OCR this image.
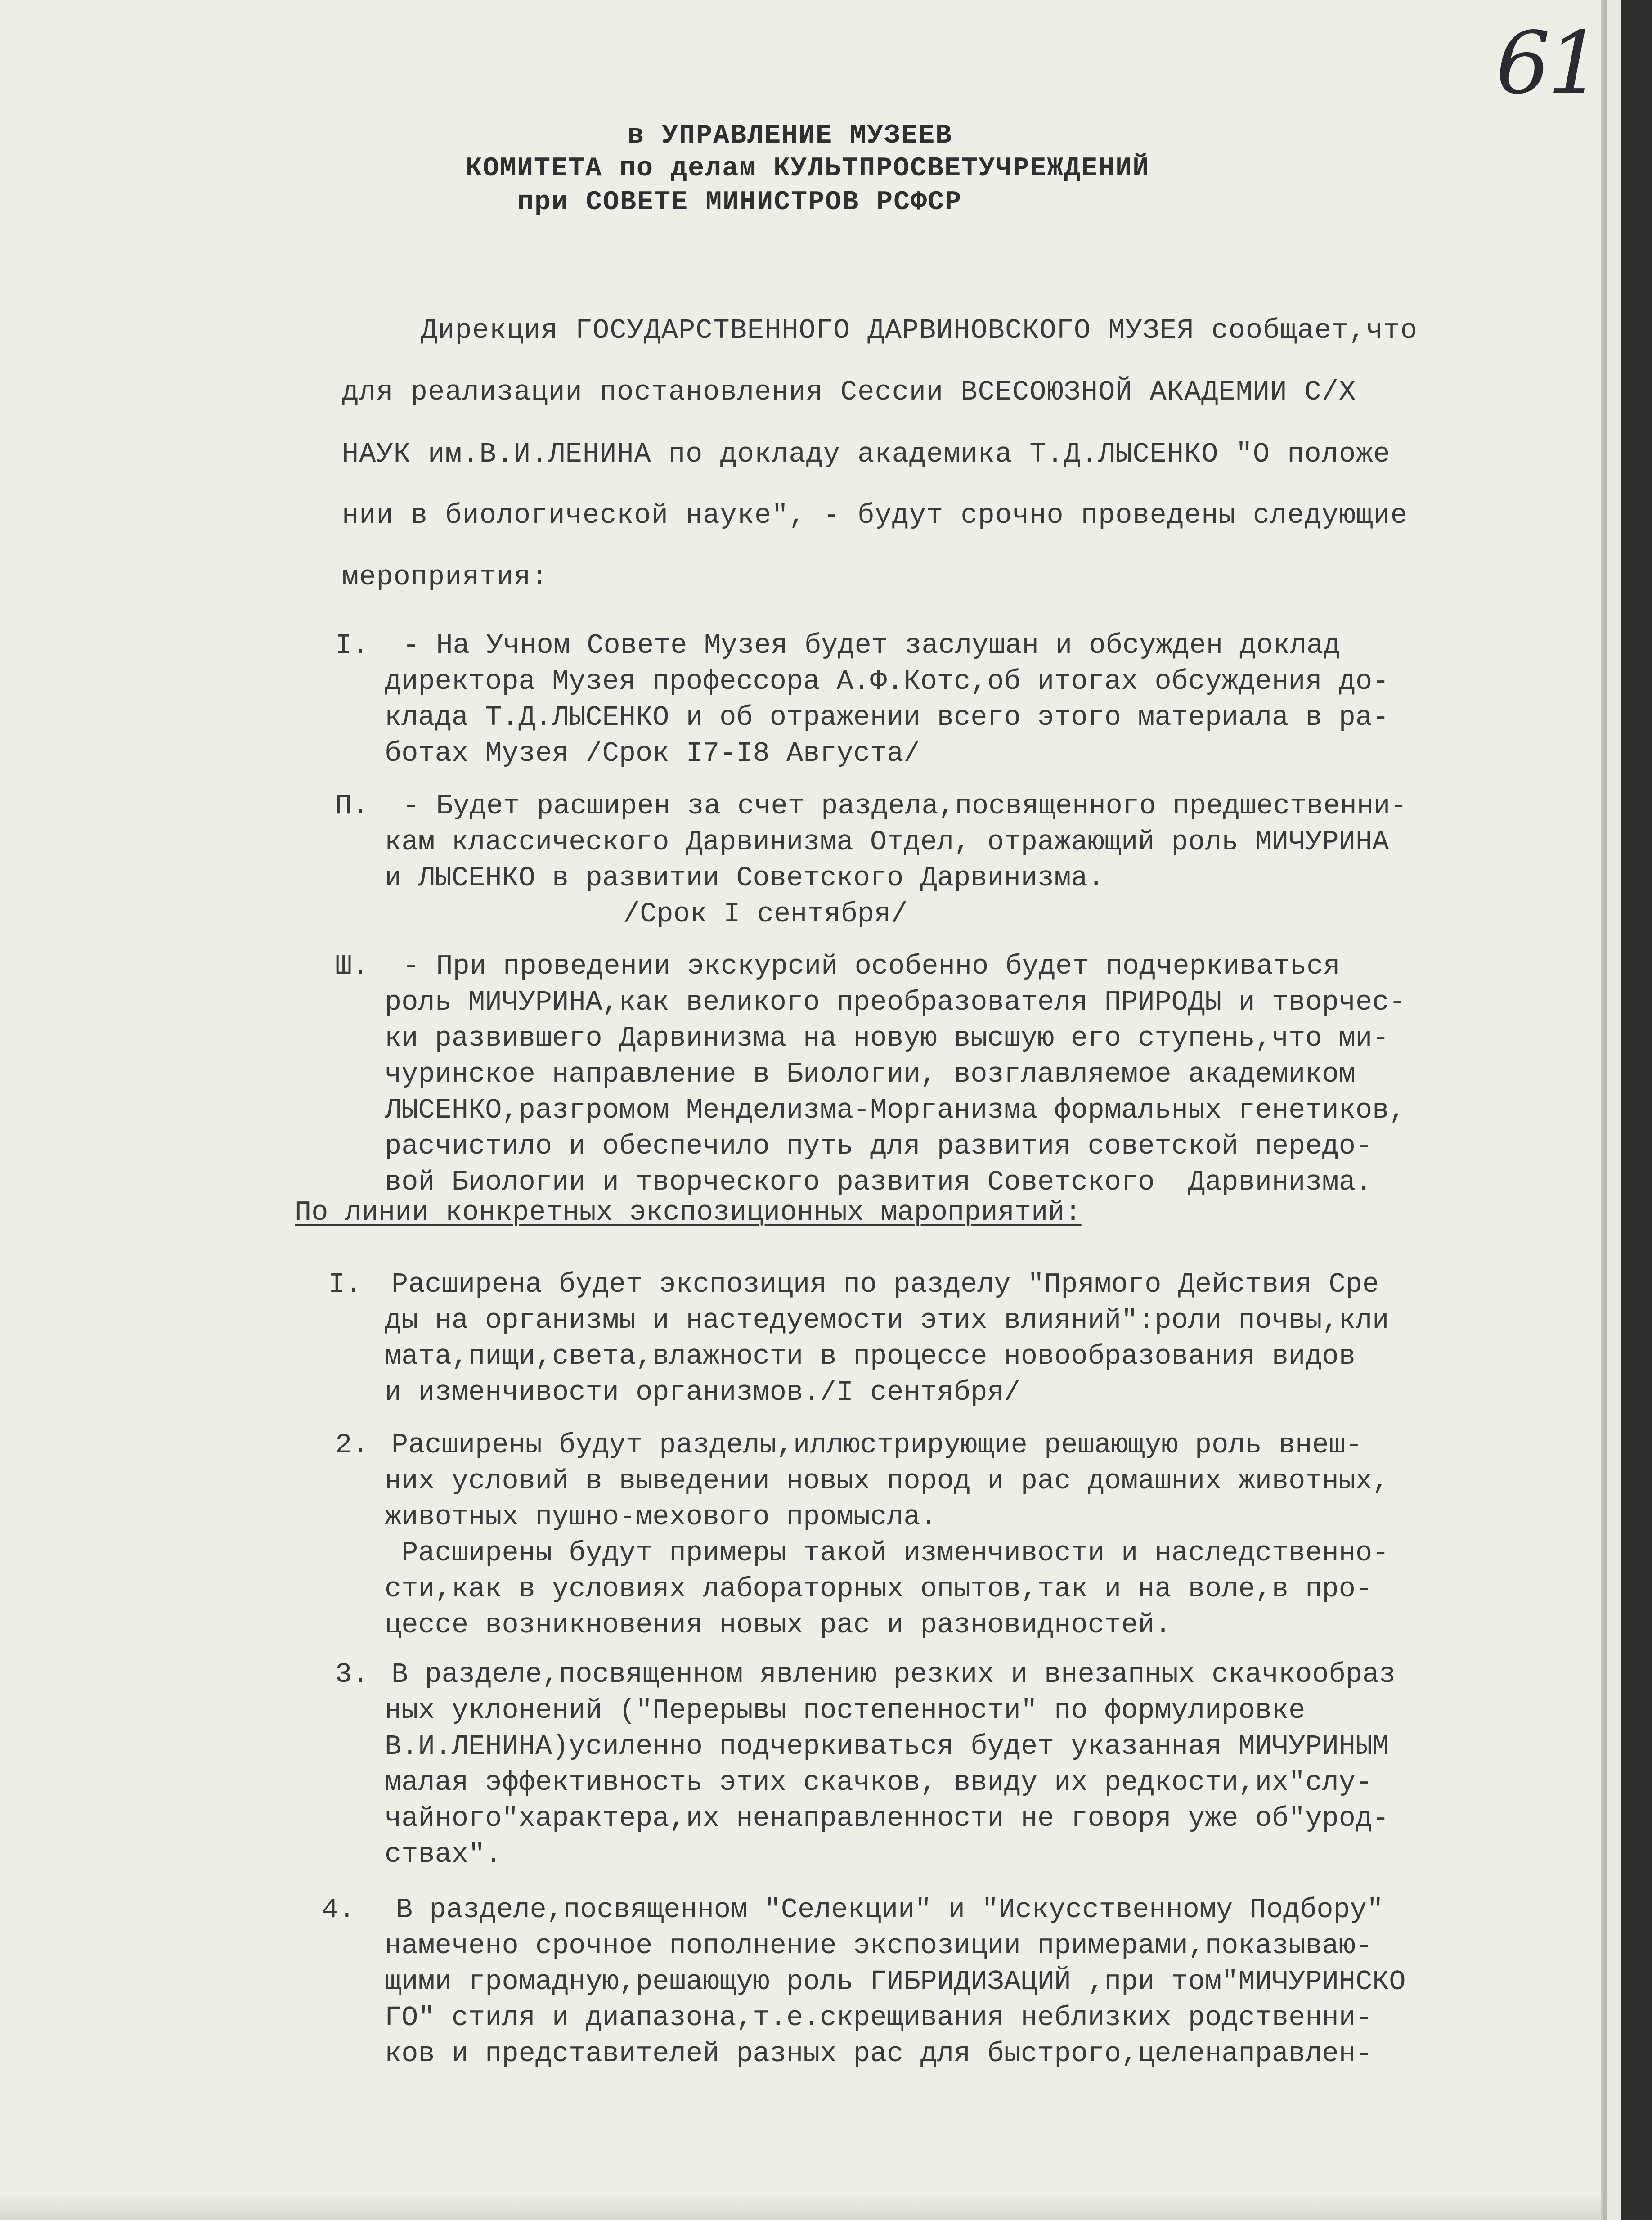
61

в УПРАВЛЕНИЕ МУЗЕЕВ

КОМИТЕТА по делам КУЛЬТПРОСВЕТУЧРЕЖДЕНИЙ

при СОВЕТЕ МИНИСТРОВ РСФСР

Дирекция ГОСУДАРСТВЕННОГО ДАРВИНОВСКОГО МУЗЕЯ сообщает,что

для реализации постановления Сессии ВСЕСОЮЗНОЙ АКАДЕМИИ С/Х

НАУК им.В.И.ЛЕНИНА по докладу академика Т.Д.ЛЫСЕНКО "О положе

нии в биологической науке", - будут срочно проведены следующие

мероприятия:

I. - На Учном Совете Музея будет заслушан и обсужден доклад

директора Музея профессора А.Ф.Котс,об итогах обсуждения до-

клада Т.Д.ЛЫСЕНКО и об отражении всего этого материала в ра-

ботах Музея /Срок I7-I8 Августа/

П. - Будет расширен за счет раздела,посвященного предшественни-

кам классического Дарвинизма Отдел, отражающий роль МИЧУРИНА

и ЛЫСЕНКО в развитии Советского Дарвинизма.

/Срок I сентября/

Ш. - При проведении экскурсий особенно будет подчеркиваться

роль МИЧУРИНА,как великого преобразователя ПРИРОДЫ и творчес-

ки развившего Дарвинизма на новую высшую его ступень,что ми-

чуринское направление в Биологии, возглавляемое академиком

ЛЫСЕНКО,разгромом Менделизма-Морганизма формальных генетиков,

расчистило и обеспечило путь для развития советской передо-

вой Биологии и творческого развития Советского  Дарвинизма.

По линии конкретных экспозиционных мароприятий:

I. Расширена будет экспозиция по разделу "Прямого Действия Сре

ды на организмы и настедуемости этих влияний":роли почвы,кли

мата,пищи,света,влажности в процессе новообразования видов

и изменчивости организмов./I сентября/

2. Расширены будут разделы,иллюстрирующие решающую роль внеш-

них условий в выведении новых пород и рас домашних животных,

животных пушно-мехового промысла.

Расширены будут примеры такой изменчивости и наследственно-

сти,как в условиях лабораторных опытов,так и на воле,в про-

цессе возникновения новых рас и разновидностей.

3. В разделе,посвященном явлению резких и внезапных скачкообраз

ных уклонений ("Перерывы постепенности" по формулировке

В.И.ЛЕНИНА)усиленно подчеркиваться будет указанная МИЧУРИНЫМ

малая эффективность этих скачков, ввиду их редкости,их"слу-

чайного"характера,их ненаправленности не говоря уже об"урод-

ствах".

4. В разделе,посвященном "Селекции" и "Искусственному Подбору"

намечено срочное пополнение экспозиции примерами,показываю-

щими громадную,решающую роль ГИБРИДИЗАЦИЙ ,при том"МИЧУРИНСКО

ГО" стиля и диапазона,т.е.скрещивания неблизких родственни-

ков и представителей разных рас для быстрого,целенаправлен-
